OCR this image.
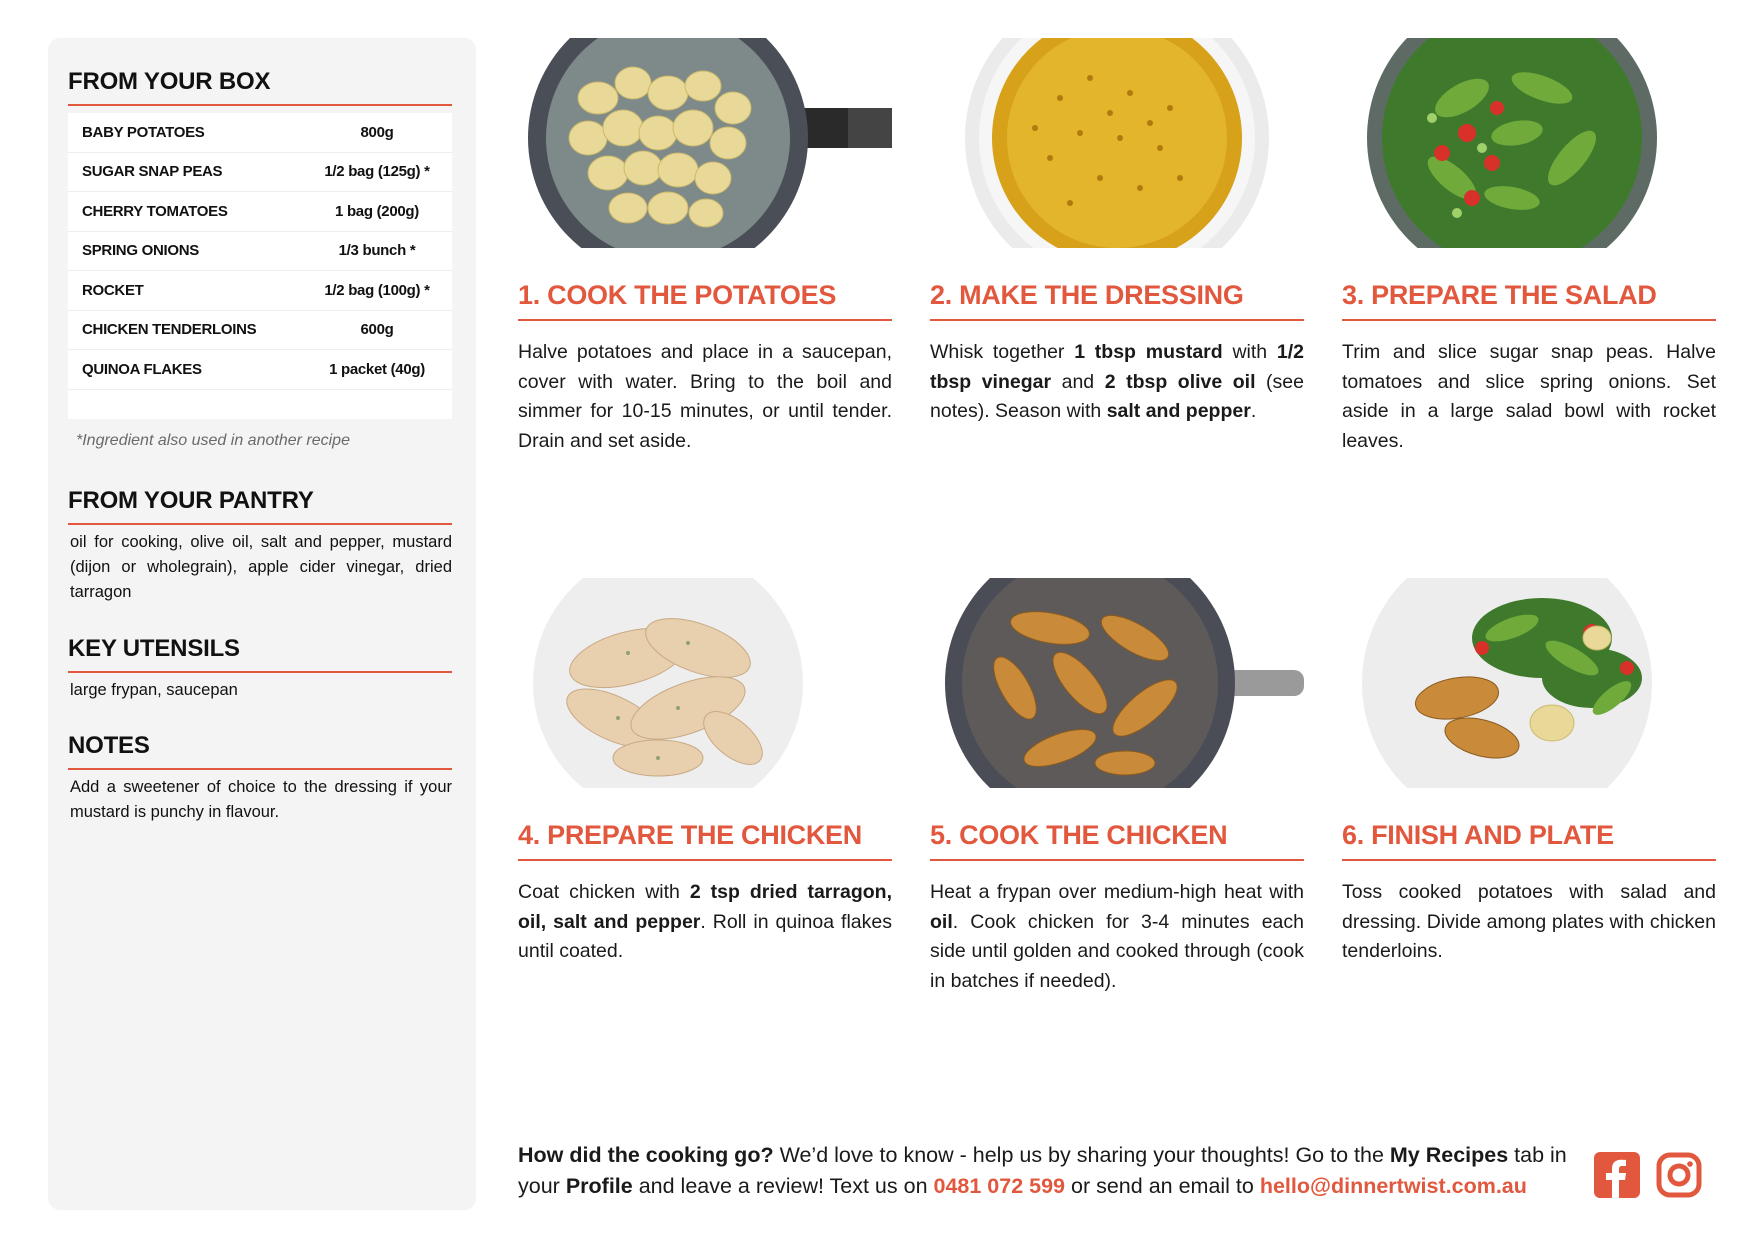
FROM YOUR BOX
BABY POTATOES	800g
SUGAR SNAP PEAS	1/2 bag (125g) *
CHERRY TOMATOES	1 bag (200g)
SPRING ONIONS	1/3 bunch *
ROCKET	1/2 bag (100g) *
CHICKEN TENDERLOINS	600g
QUINOA FLAKES	1 packet (40g)
*Ingredient also used in another recipe
FROM YOUR PANTRY
oil for cooking, olive oil, salt and pepper, mustard (dijon or wholegrain), apple cider vinegar, dried tarragon
KEY UTENSILS
large frypan, saucepan
NOTES
Add a sweetener of choice to the dressing if your mustard is punchy in flavour.
1. COOK THE POTATOES
Halve potatoes and place in a saucepan, cover with water. Bring to the boil and simmer for 10-15 minutes, or until tender. Drain and set aside.
2. MAKE THE DRESSING
Whisk together 1 tbsp mustard with 1/2 tbsp vinegar and 2 tbsp olive oil (see notes). Season with salt and pepper.
3. PREPARE THE SALAD
Trim and slice sugar snap peas. Halve tomatoes and slice spring onions. Set aside in a large salad bowl with rocket leaves.
4. PREPARE THE CHICKEN
Coat chicken with 2 tsp dried tarragon, oil, salt and pepper. Roll in quinoa flakes until coated.
5. COOK THE CHICKEN
Heat a frypan over medium-high heat with oil. Cook chicken for 3-4 minutes each side until golden and cooked through (cook in batches if needed).
6. FINISH AND PLATE
Toss cooked potatoes with salad and dressing. Divide among plates with chicken tenderloins.
How did the cooking go? We’d love to know - help us by sharing your thoughts! Go to the My Recipes tab in your Profile and leave a review! Text us on 0481 072 599 or send an email to hello@dinnertwist.com.au
